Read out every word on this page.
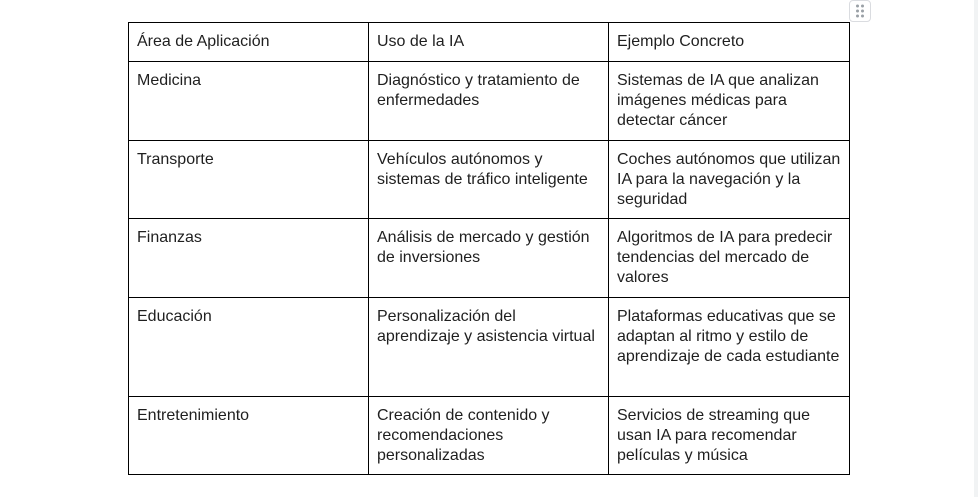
Área de Aplicación	Uso de la IA	Ejemplo Concreto
Medicina	Diagnóstico y tratamiento de enfermedades	Sistemas de IA que analizan imágenes médicas para detectar cáncer
Transporte	Vehículos autónomos y sistemas de tráfico inteligente	Coches autónomos que utilizan IA para la navegación y la seguridad
Finanzas	Análisis de mercado y gestión de inversiones	Algoritmos de IA para predecir tendencias del mercado de valores
Educación	Personalización del aprendizaje y asistencia virtual	Plataformas educativas que se adaptan al ritmo y estilo de aprendizaje de cada estudiante
Entretenimiento	Creación de contenido y recomendaciones personalizadas	Servicios de streaming que usan IA para recomendar películas y música
